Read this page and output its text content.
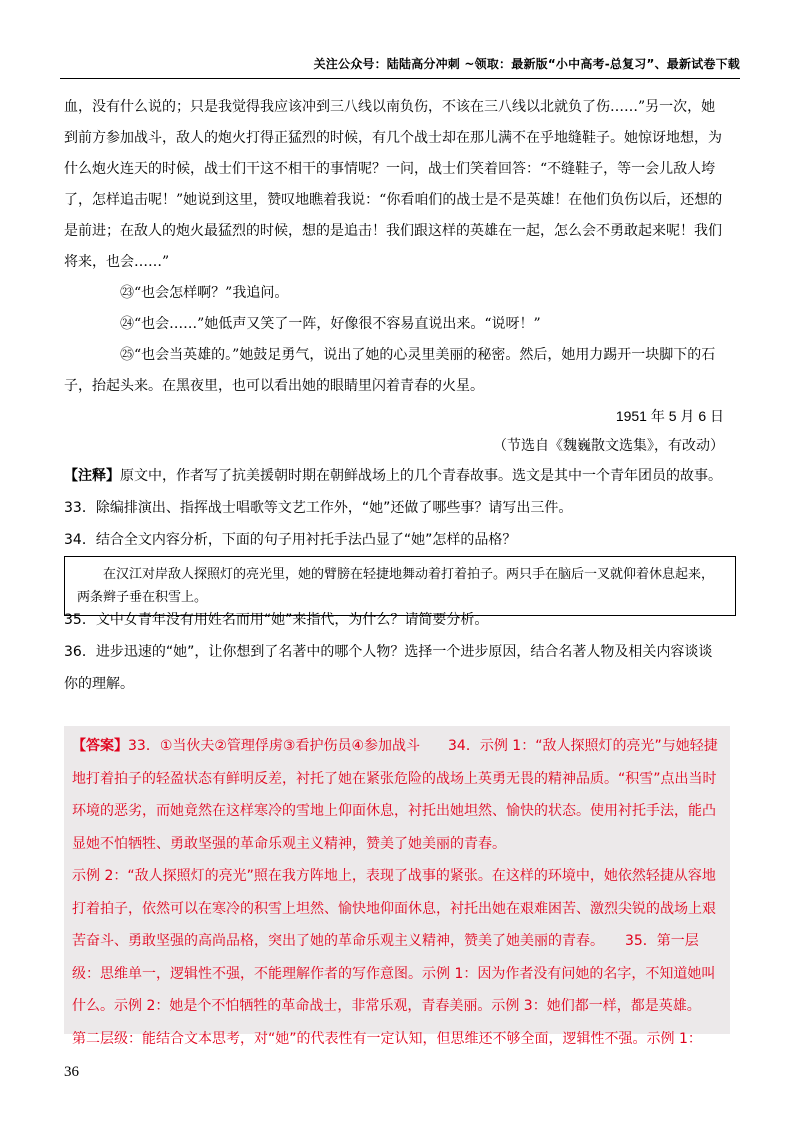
关注公众号：陆陆高分冲刺 ~领取：最新版“小中高考-总复习”、最新试卷下载

血，没有什么说的；只是我觉得我应该冲到三八线以南负伤，不该在三八线以北就负了伤……”另一次，她到前方参加战斗，敌人的炮火打得正猛烈的时候，有几个战士却在那儿满不在乎地缝鞋子。她惊讶地想，为什么炮火连天的时候，战士们干这不相干的事情呢？一问，战士们笑着回答：“不缝鞋子，等一会儿敌人垮了，怎样追击呢！”她说到这里，赞叹地瞧着我说：“你看咱们的战士是不是英雄！在他们负伤以后，还想的是前进；在敌人的炮火最猛烈的时候，想的是追击！我们跟这样的英雄在一起，怎么会不勇敢起来呢！我们将来，也会……”

㉓“也会怎样啊？”我追问。

㉔“也会……”她低声又笑了一阵，好像很不容易直说出来。“说呀！”

㉕“也会当英雄的。”她鼓足勇气，说出了她的心灵里美丽的秘密。然后，她用力踢开一块脚下的石子，抬起头来。在黑夜里，也可以看出她的眼睛里闪着青春的火星。

1951 年 5 月 6 日
（节选自《魏巍散文选集》，有改动）

【注释】原文中，作者写了抗美援朝时期在朝鲜战场上的几个青春故事。选文是其中一个青年团员的故事。

33．除编排演出、指挥战士唱歌等文艺工作外，“她”还做了哪些事？请写出三件。

34．结合全文内容分析，下面的句子用衬托手法凸显了“她”怎样的品格？

在汉江对岸敌人探照灯的亮光里，她的臂膀在轻捷地舞动着打着拍子。两只手在脑后一叉就仰着休息起来，两条辫子垂在积雪上。

35．文中女青年没有用姓名而用“她”来指代，为什么？请简要分析。

36．进步迅速的“她”，让你想到了名著中的哪个人物？选择一个进步原因，结合名著人物及相关内容谈谈你的理解。

【答案】33．①当伙夫②管理俘虏③看护伤员④参加战斗　　34．示例 1：“敌人探照灯的亮光”与她轻捷地打着拍子的轻盈状态有鲜明反差，衬托了她在紧张危险的战场上英勇无畏的精神品质。“积雪”点出当时环境的恶劣，而她竟然在这样寒冷的雪地上仰面休息，衬托出她坦然、愉快的状态。使用衬托手法，能凸显她不怕牺牲、勇敢坚强的革命乐观主义精神，赞美了她美丽的青春。

示例 2：“敌人探照灯的亮光”照在我方阵地上，表现了战事的紧张。在这样的环境中，她依然轻捷从容地打着拍子，依然可以在寒冷的积雪上坦然、愉快地仰面休息，衬托出她在艰难困苦、激烈尖锐的战场上艰苦奋斗、勇敢坚强的高尚品格，突出了她的革命乐观主义精神，赞美了她美丽的青春。　　35．第一层级：思维单一，逻辑性不强，不能理解作者的写作意图。示例 1：因为作者没有问她的名字，不知道她叫什么。示例 2：她是个不怕牺牲的革命战士，非常乐观，青春美丽。示例 3：她们都一样，都是英雄。

第二层级：能结合文本思考，对“她”的代表性有一定认知，但思维还不够全面，逻辑性不强。示例 1：

36
